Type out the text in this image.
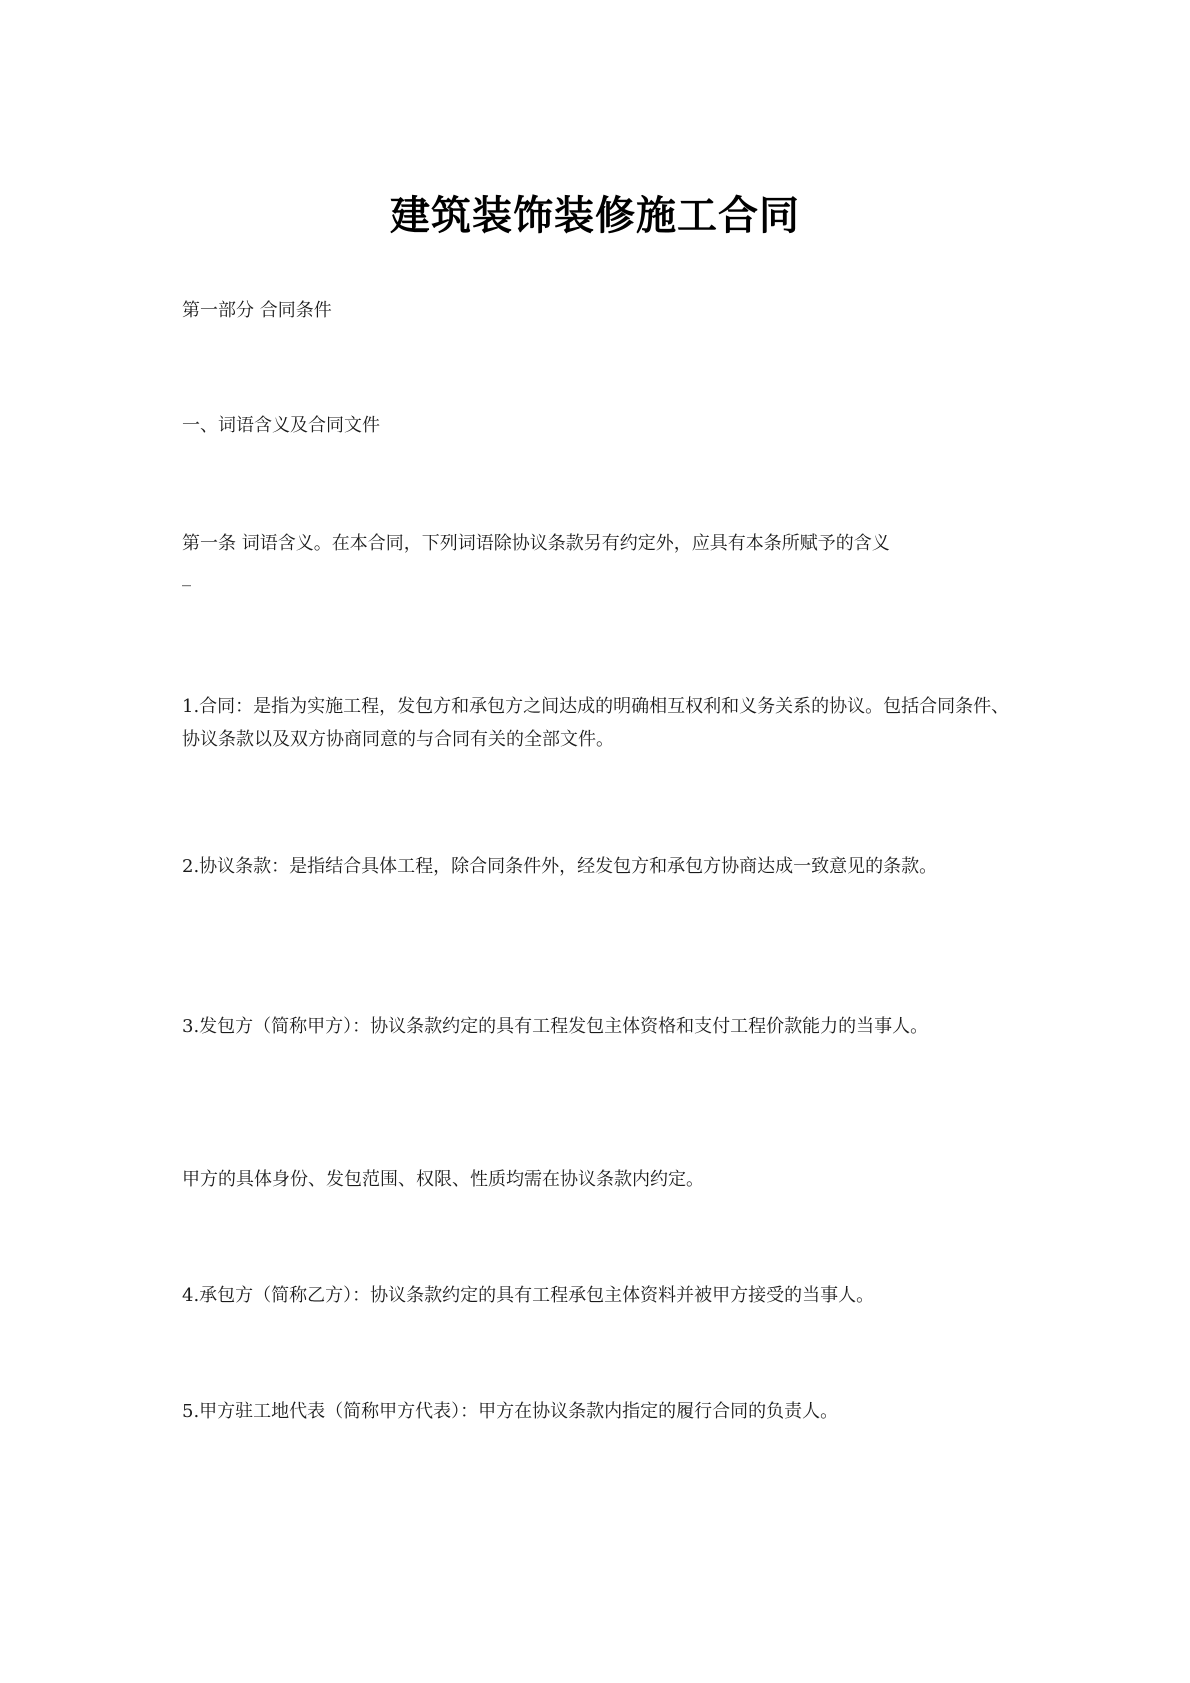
建筑装饰装修施工合同

第一部分 合同条件

一、词语含义及合同文件

第一条 词语含义。在本合同，下列词语除协议条款另有约定外，应具有本条所赋予的含义

_

1.合同：是指为实施工程，发包方和承包方之间达成的明确相互权利和义务关系的协议。包括合同条件、协议条款以及双方协商同意的与合同有关的全部文件。

2.协议条款：是指结合具体工程，除合同条件外，经发包方和承包方协商达成一致意见的条款。

3.发包方（简称甲方）：协议条款约定的具有工程发包主体资格和支付工程价款能力的当事人。

甲方的具体身份、发包范围、权限、性质均需在协议条款内约定。

4.承包方（简称乙方）：协议条款约定的具有工程承包主体资料并被甲方接受的当事人。

5.甲方驻工地代表（简称甲方代表）：甲方在协议条款内指定的履行合同的负责人。
